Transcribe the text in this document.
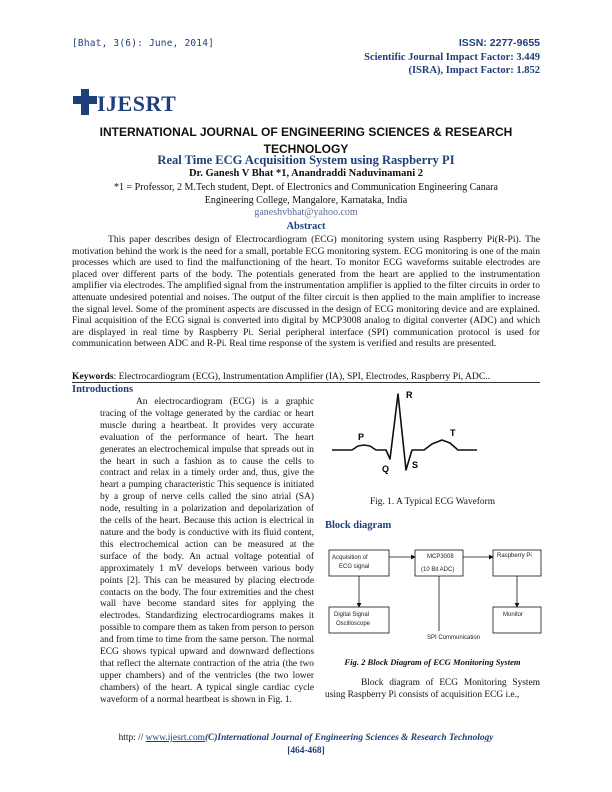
[Bhat, 3(6): June, 2014]	ISSN: 2277-9655
Scientific Journal Impact Factor: 3.449
(ISRA), Impact Factor: 1.852
IJESRT
INTERNATIONAL JOURNAL OF ENGINEERING SCIENCES & RESEARCH
TECHNOLOGY
Real Time ECG Acquisition System using Raspberry PI
Dr. Ganesh V Bhat *1, Anandraddi Naduvinamani 2
*1 = Professor, 2 M.Tech student, Dept. of Electronics and Communication Engineering Canara
Engineering College, Mangalore, Karnataka, India
ganeshvbhat@yahoo.com
Abstract
This paper describes design of Electrocardiogram (ECG) monitoring system using Raspberry Pi(R-Pi). The motivation behind the work is the need for a small, portable ECG monitoring system. ECG monitoring is one of the main processes which are used to find the malfunctioning of the heart. To monitor ECG waveforms suitable electrodes are placed over different parts of the body. The potentials generated from the heart are applied to the instrumentation amplifier via electrodes. The amplified signal from the instrumentation amplifier is applied to the filter circuits in order to attenuate undesired potential and noises. The output of the filter circuit is then applied to the main amplifier to increase the signal level. Some of the prominent aspects are discussed in the design of ECG monitoring device and are explained. Final acquisition of the ECG signal is converted into digital by MCP3008 analog to digital converter (ADC) and which are displayed in real time by Raspberry Pi. Serial peripheral interface (SPI) communication protocol is used for communication between ADC and R-Pi. Real time response of the system is verified and results are presented.
Keywords: Electrocardiogram (ECG), Instrumentation Amplifier (IA), SPI, Electrodes, Raspberry Pi, ADC..
Introductions
An electrocardiogram (ECG) is a graphic tracing of the voltage generated by the cardiac or heart muscle during a heartbeat. It provides very accurate evaluation of the performance of heart. The heart generates an electrochemical impulse that spreads out in the heart in such a fashion as to cause the cells to contract and relax in a timely order and, thus, give the heart a pumping characteristic This sequence is initiated by a group of nerve cells called the sino atrial (SA) node, resulting in a polarization and depolarization of the cells of the heart. Because this action is electrical in nature and the body is conductive with its fluid content, this electrochemical action can be measured at the surface of the body. An actual voltage potential of approximately 1 mV develops between various body points [2]. This can be measured by placing electrode contacts on the body. The four extremities and the chest wall have become standard sites for applying the electrodes. Standardizing electrocardiograms makes it possible to compare them as taken from person to person and from time to time from the same person. The normal ECG shows typical upward and downward deflections that reflect the alternate contraction of the atria (the two upper chambers) and of the ventricles (the two lower chambers) of the heart. A typical single cardiac cycle waveform of a normal heartbeat is shown in Fig. 1.
R
P	T
Q	S
Fig. 1. A Typical ECG Waveform
Block diagram
Acquisition of
ECG signal
MCP3008
(10 Bit ADC)
Raspberry Pi
Digital Signal
Oscilloscope
Monitor
SPI Communication
Fig. 2 Block Diagram of ECG Monitoring System
Block diagram of ECG Monitoring System using Raspberry Pi consists of acquisition ECG i.e.,
http: // www.ijesrt.com(C)International Journal of Engineering Sciences & Research Technology
[464-468]
